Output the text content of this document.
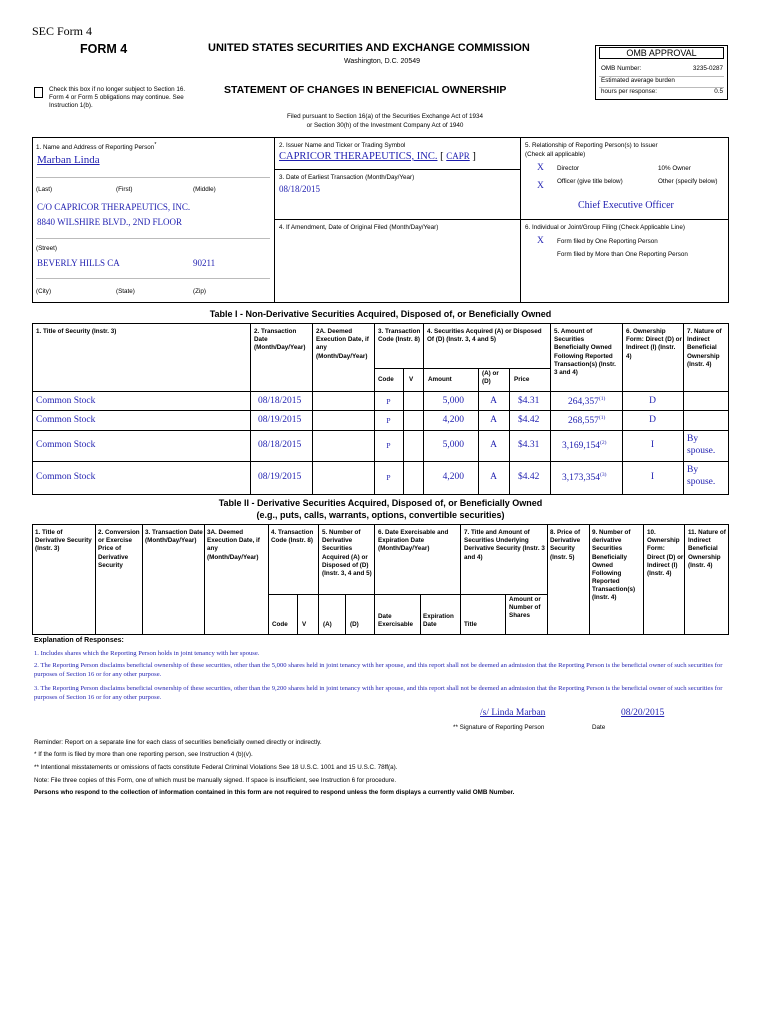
SEC Form 4
FORM 4	UNITED STATES SECURITIES AND EXCHANGE COMMISSION
Washington, D.C. 20549
Check this box if no longer subject to Section 16. Form 4 or Form 5 obligations may continue. See Instruction 1(b).
STATEMENT OF CHANGES IN BENEFICIAL OWNERSHIP
OMB APPROVAL
OMB Number:	3235-0287
Estimated average burden
hours per response:	0.5
Filed pursuant to Section 16(a) of the Securities Exchange Act of 1934
or Section 30(h) of the Investment Company Act of 1940
1. Name and Address of Reporting Person*
Marban Linda
(Last)	(First)	(Middle)
C/O CAPRICOR THERAPEUTICS, INC.
8840 WILSHIRE BLVD., 2ND FLOOR
(Street)
BEVERLY HILLS CA	90211
(City)	(State)	(Zip)
2. Issuer Name and Ticker or Trading Symbol
CAPRICOR THERAPEUTICS, INC. [ CAPR ]
3. Date of Earliest Transaction (Month/Day/Year)
08/18/2015
4. If Amendment, Date of Original Filed (Month/Day/Year)
5. Relationship of Reporting Person(s) to Issuer
(Check all applicable)
X Director	10% Owner
X Officer (give title below)	Other (specify below)
Chief Executive Officer
6. Individual or Joint/Group Filing (Check Applicable Line)
X Form filed by One Reporting Person
Form filed by More than One Reporting Person
Table I - Non-Derivative Securities Acquired, Disposed of, or Beneficially Owned
1. Title of Security (Instr. 3)	2. Transaction Date (Month/Day/Year)
2A. Deemed Execution Date, if any (Month/Day/Year)
3. Transaction Code (Instr. 8)
4. Securities Acquired (A) or Disposed Of (D) (Instr. 3, 4 and 5)
5. Amount of Securities Beneficially Owned Following Reported Transaction(s) (Instr. 3 and 4)
6. Ownership Form: Direct (D) or Indirect (I) (Instr. 4)
7. Nature of Indirect Beneficial Ownership (Instr. 4)
Code V Amount
(A) or (D)	Price
Common Stock	08/18/2015	P	5,000	A	$4.31	264,357$^{(1)}$	D
Common Stock	08/19/2015	P	4,200	A	$4.42	268,557$^{(1)}$	D
Common Stock	08/18/2015	P	5,000	A	$4.31 3,169,154$^{(2)}$	I
By
spouse.
Common Stock	08/19/2015	P	4,200	A	$4.42 3,173,354$^{(3)}$	I
By
spouse.
Table II - Derivative Securities Acquired, Disposed of, or Beneficially Owned
(e.g., puts, calls, warrants, options, convertible securities)
1. Title of Derivative Security (Instr. 3)
2. Conversion or Exercise Price of Derivative Security
3. Transaction Date (Month/Day/Year)
3A. Deemed Execution Date, if any (Month/Day/Year)
4. Transaction Code (Instr. 8)
5. Number of Derivative Securities Acquired (A) or Disposed of (D) (Instr. 3, 4 and 5)
6. Date Exercisable and Expiration Date (Month/Day/Year)
7. Title and Amount of Securities Underlying Derivative Security (Instr. 3 and 4)
8. Price of Derivative Security (Instr. 5)
9. Number of derivative Securities Beneficially Owned Following Reported Transaction(s) (Instr. 4)
10. Ownership Form: Direct (D) or Indirect (I) (Instr. 4)
11. Nature of Indirect Beneficial Ownership (Instr. 4)
Code V	(A)	(D)
Date Exercisable
Expiration Date	Title
Amount or Number of Shares
Explanation of Responses:
1. Includes shares which the Reporting Person holds in joint tenancy with her spouse.
2. The Reporting Person disclaims beneficial ownership of these securities, other than the 5,000 shares held in joint tenancy with her spouse, and this report shall not be deemed an admission that the Reporting Person is the beneficial owner of such securities for purposes of Section 16 or for any other purpose.
3. The Reporting Person disclaims beneficial ownership of these securities, other than the 9,200 shares held in joint tenancy with her spouse, and this report shall not be deemed an admission that the Reporting Person is the beneficial owner of such securities for purposes of Section 16 or for any other purpose.
/s/ Linda Marban	08/20/2015
** Signature of Reporting Person	Date
Reminder: Report on a separate line for each class of securities beneficially owned directly or indirectly.
* If the form is filed by more than one reporting person, see Instruction 4 (b)(v).
** Intentional misstatements or omissions of facts constitute Federal Criminal Violations See 18 U.S.C. 1001 and 15 U.S.C. 78ff(a).
Note: File three copies of this Form, one of which must be manually signed. If space is insufficient, see Instruction 6 for procedure.
Persons who respond to the collection of information contained in this form are not required to respond unless the form displays a currently valid OMB Number.
